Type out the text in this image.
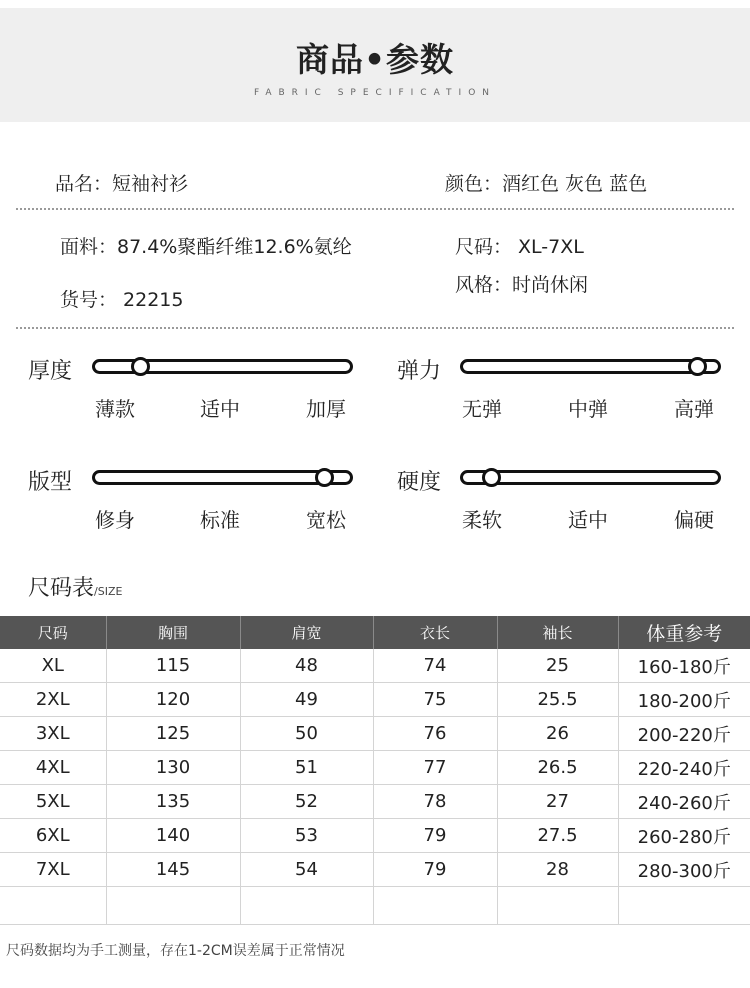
商品•参数
FABRIC SPECIFICATION
品名：短袖衬衫	颜色：酒红色 灰色 蓝色
面料：87.4%聚酯纤维12.6%氨纶	尺码： XL-7XL
货号： 22215
风格：时尚休闲
厚度
薄款	适中	加厚
弹力
无弹	中弹	高弹
版型
修身	标准	宽松
硬度
柔软	适中	偏硬
尺码表/SIZE
尺码	胸围	肩宽	衣长	袖长	体重参考
XL	115	48	74	25	160-180斤
2XL	120	49	75	25.5	180-200斤
3XL	125	50	76	26	200-220斤
4XL	130	51	77	26.5	220-240斤
5XL	135	52	78	27	240-260斤
6XL	140	53	79	27.5	260-280斤
7XL	145	54	79	28	280-300斤

尺码数据均为手工测量，存在1-2CM误差属于正常情况
